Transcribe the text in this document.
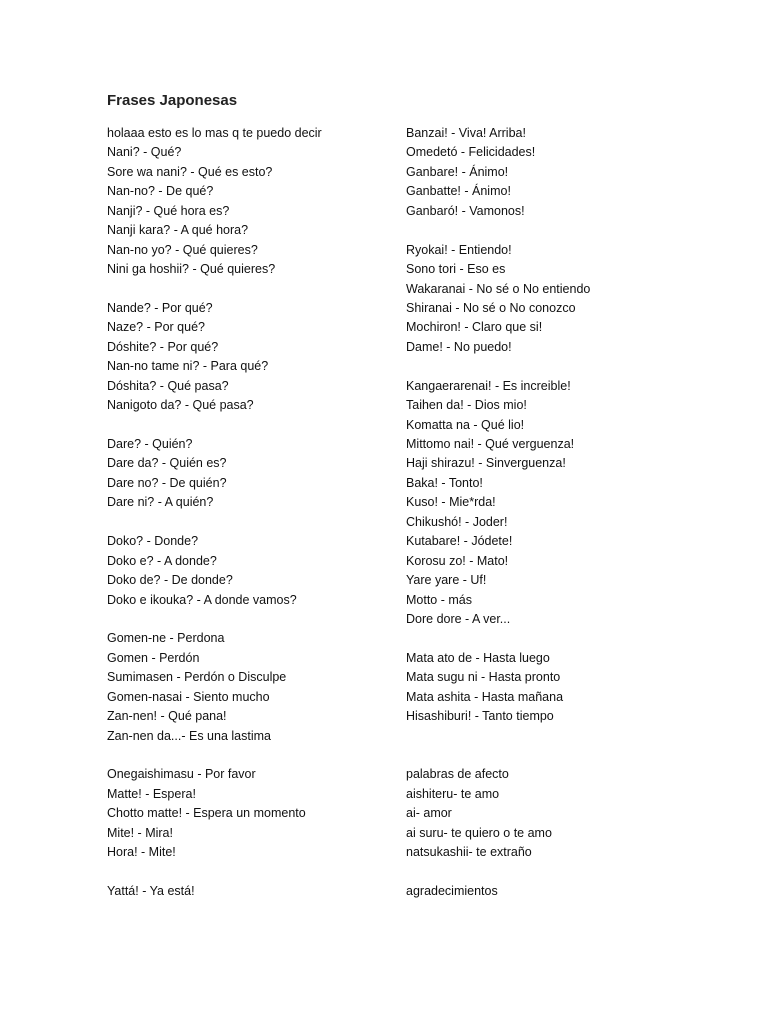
Frases Japonesas
holaaa esto es lo mas q te puedo decir
Nani? - Qué?
Sore wa nani? - Qué es esto?
Nan-no? - De qué?
Nanji? - Qué hora es?
Nanji kara? - A qué hora?
Nan-no yo? - Qué quieres?
Nini ga hoshii? - Qué quieres?
Nande? - Por qué?
Naze? - Por qué?
Dóshite? - Por qué?
Nan-no tame ni? - Para qué?
Dóshita? - Qué pasa?
Nanigoto da? - Qué pasa?
Dare? - Quién?
Dare da? - Quién es?
Dare no? - De quién?
Dare ni? - A quién?
Doko? - Donde?
Doko e? - A donde?
Doko de? - De donde?
Doko e ikouka? - A donde vamos?
Gomen-ne - Perdona
Gomen - Perdón
Sumimasen - Perdón o Disculpe
Gomen-nasai - Siento mucho
Zan-nen! - Qué pana!
Zan-nen da...- Es una lastima
Onegaishimasu - Por favor
Matte! - Espera!
Chotto matte! - Espera un momento
Mite! - Mira!
Hora! - Mite!
Yattá! - Ya está!
Banzai! - Viva! Arriba!
Omedetó - Felicidades!
Ganbare! - Ánimo!
Ganbatte! - Ánimo!
Ganbaró! - Vamonos!
Ryokai! - Entiendo!
Sono tori - Eso es
Wakaranai - No sé o No entiendo
Shiranai - No sé o No conozco
Mochiron! - Claro que si!
Dame! - No puedo!
Kangaerarenai! - Es increible!
Taihen da! - Dios mio!
Komatta na - Qué lio!
Mittomo nai! - Qué verguenza!
Haji shirazu! - Sinverguenza!
Baka! - Tonto!
Kuso! - Mie*rda!
Chikushó! - Joder!
Kutabare! - Jódete!
Korosu zo! - Mato!
Yare yare - Uf!
Motto - más
Dore dore - A ver...
Mata ato de - Hasta luego
Mata sugu ni - Hasta pronto
Mata ashita - Hasta mañana
Hisashiburi! - Tanto tiempo
palabras de afecto
aishiteru- te amo
ai- amor
ai suru- te quiero o te amo
natsukashii- te extraño
agradecimientos
